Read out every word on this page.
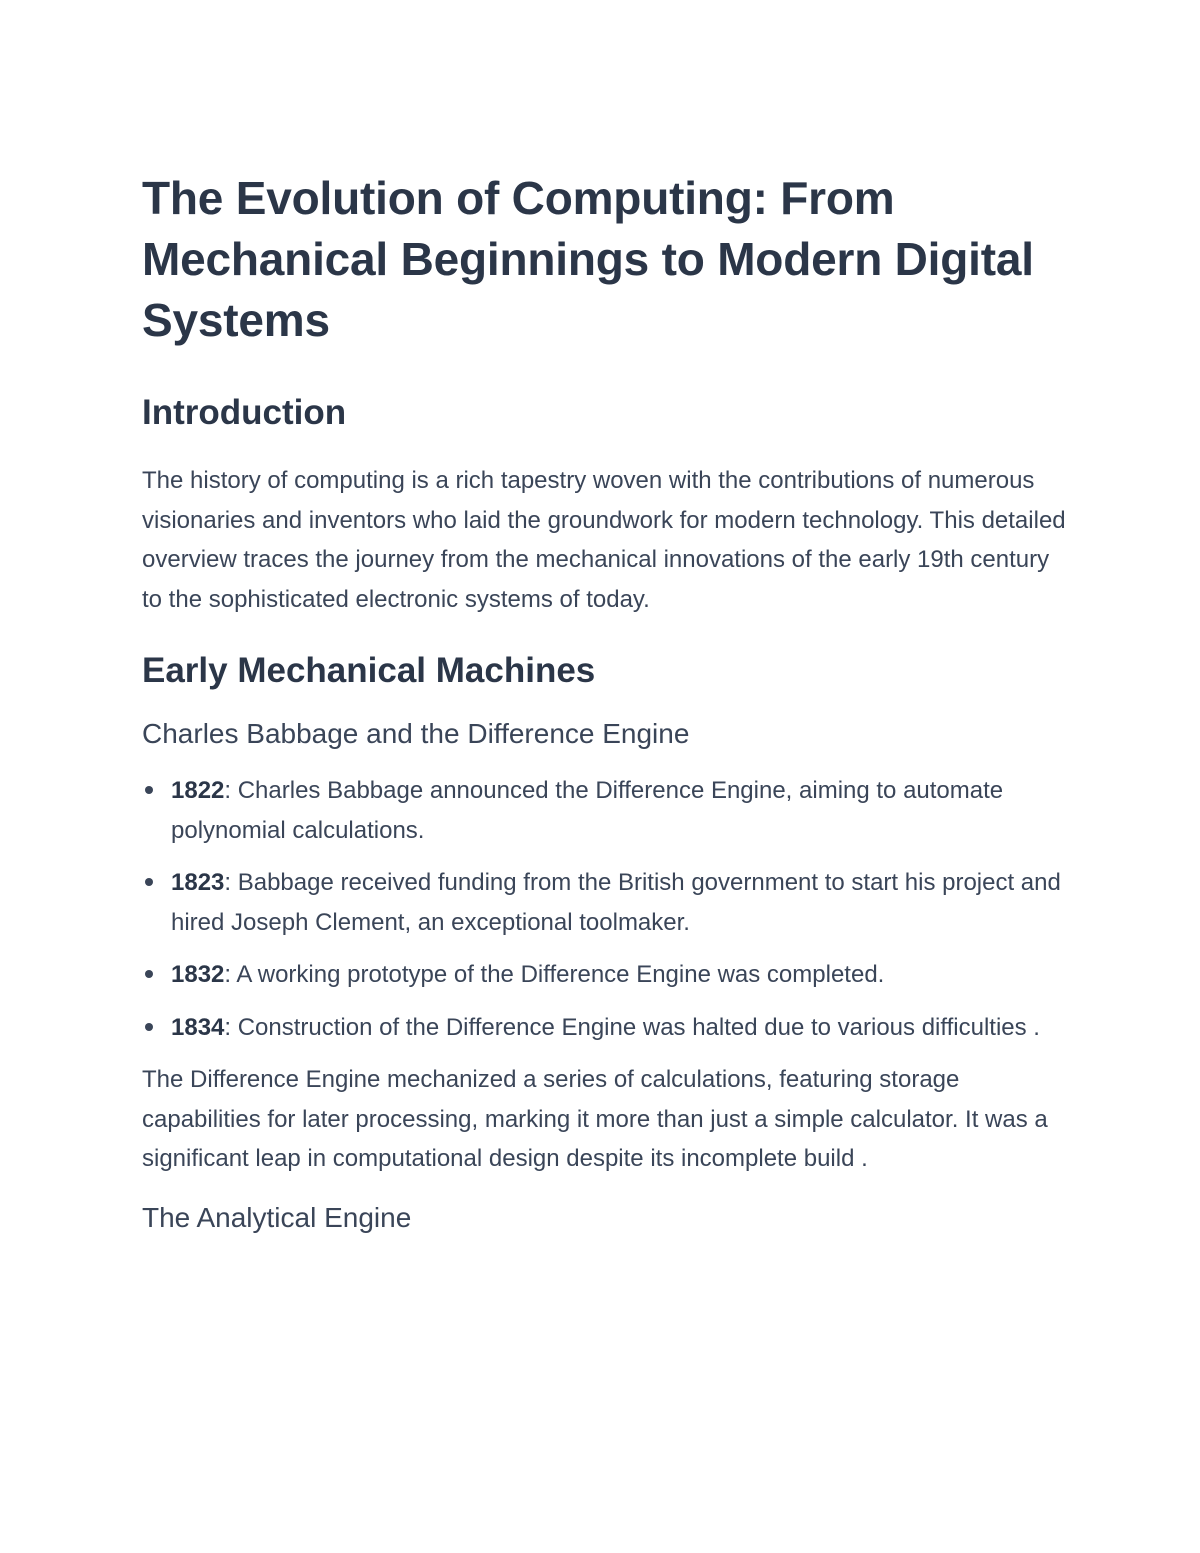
The Evolution of Computing: From Mechanical Beginnings to Modern Digital Systems
Introduction

The history of computing is a rich tapestry woven with the contributions of numerous visionaries and inventors who laid the groundwork for modern technology. This detailed overview traces the journey from the mechanical innovations of the early 19th century to the sophisticated electronic systems of today.

Early Mechanical Machines
Charles Babbage and the Difference Engine
1822: Charles Babbage announced the Difference Engine, aiming to automate polynomial calculations.
1823: Babbage received funding from the British government to start his project and hired Joseph Clement, an exceptional toolmaker.
1832: A working prototype of the Difference Engine was completed.
1834: Construction of the Difference Engine was halted due to various difficulties .

The Difference Engine mechanized a series of calculations, featuring storage capabilities for later processing, marking it more than just a simple calculator. It was a significant leap in computational design despite its incomplete build .

The Analytical Engine
